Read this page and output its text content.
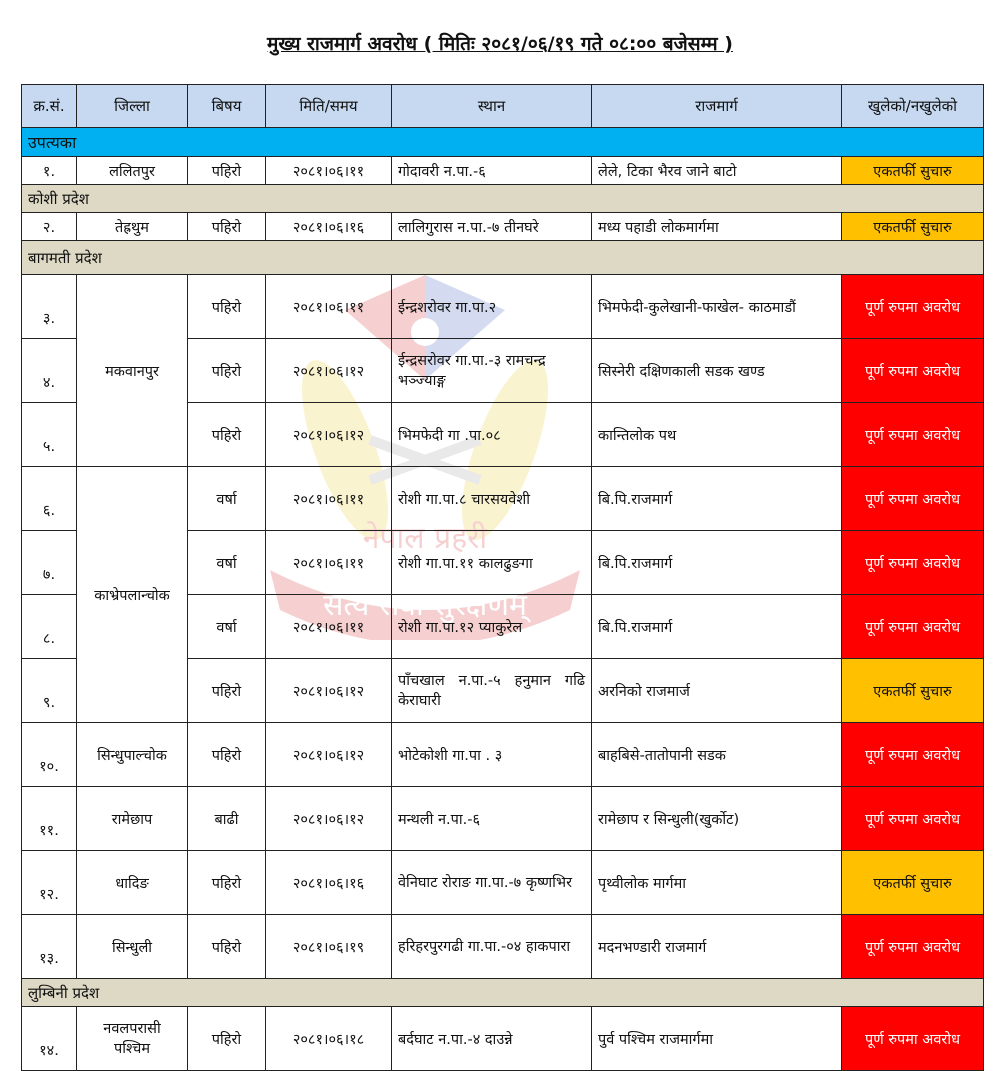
मुख्य राजमार्ग अवरोध ( मितिः २०८१/०६/१९ गते ०८:०० बजेसम्म )
नेपाल प्रहरी
सत्य सेवा सुरक्षणम्
क्र.सं.	जिल्ला	बिषय	मिति/समय	स्थान	राजमार्ग	खुलेको/नखुलेको
उपत्यका						
१.	ललितपुर	पहिरो	२०८१।०६।११	गोदावरी न.पा.-६	लेले, टिका भैरव जाने बाटो	एकतर्फी सुचारु
कोशी प्रदेश						
२.	तेह्रथुम	पहिरो	२०८१।०६।१६	लालिगुरास न.पा.-७ तीनघरे	मध्य पहाडी लोकमार्गमा	एकतर्फी सुचारु
बागमती प्रदेश						
३.	मकवानपुर	पहिरो	२०८१।०६।११	ईन्द्रशरोवर गा.पा.२	भिमफेदी-कुलेखानी-फाखेल- काठमाडौं	पूर्ण रुपमा अवरोध
४.		पहिरो	२०८१।०६।१२	ईन्द्रसरोवर गा.पा.-३ रामचन्द्र भञ्ज्याङ्ग	सिस्नेरी दक्षिणकाली सडक खण्ड	पूर्ण रुपमा अवरोध
५.		पहिरो	२०८१।०६।१२	भिमफेदी गा .पा.०८	कान्तिलोक पथ	पूर्ण रुपमा अवरोध
६.	काभ्रेपलान्चोक	वर्षा	२०८१।०६।११	रोशी गा.पा.८ चारसयवेशी	बि.पि.राजमार्ग	पूर्ण रुपमा अवरोध
७.		वर्षा	२०८१।०६।११	रोशी गा.पा.११ कालढुङगा	बि.पि.राजमार्ग	पूर्ण रुपमा अवरोध
८.		वर्षा	२०८१।०६।११	रोशी गा.पा.१२ प्याकुरेल	बि.पि.राजमार्ग	पूर्ण रुपमा अवरोध
९.		पहिरो	२०८१।०६।१२	पाँचखाल न.पा.-५ हनुमान गढि केराघारी	अरनिको राजमार्ज	एकतर्फी सुचारु
१०.	सिन्धुपाल्चोक	पहिरो	२०८१।०६।१२	भोटेकोशी गा.पा . ३	बाहबिसे-तातोपानी सडक	पूर्ण रुपमा अवरोध
११.	रामेछाप	बाढी	२०८१।०६।१२	मन्थली न.पा.-६	रामेछाप र सिन्धुली(खुर्कोट)	पूर्ण रुपमा अवरोध
१२.	धादिङ	पहिरो	२०८१।०६।१६	वेनिघाट रोराङ गा.पा.-७ कृष्णभिर	पृथ्वीलोक मार्गमा	एकतर्फी सुचारु
१३.	सिन्धुली	पहिरो	२०८१।०६।१९	हरिहरपुरगढी गा.पा.-०४ हाकपारा	मदनभण्डारी राजमार्ग	पूर्ण रुपमा अवरोध
लुम्बिनी प्रदेश						
१४.	नवलपरासी पश्चिम	पहिरो	२०८१।०६।१८	बर्दघाट न.पा.-४ दाउन्ने	पुर्व पश्चिम राजमार्गमा	पूर्ण रुपमा अवरोध
